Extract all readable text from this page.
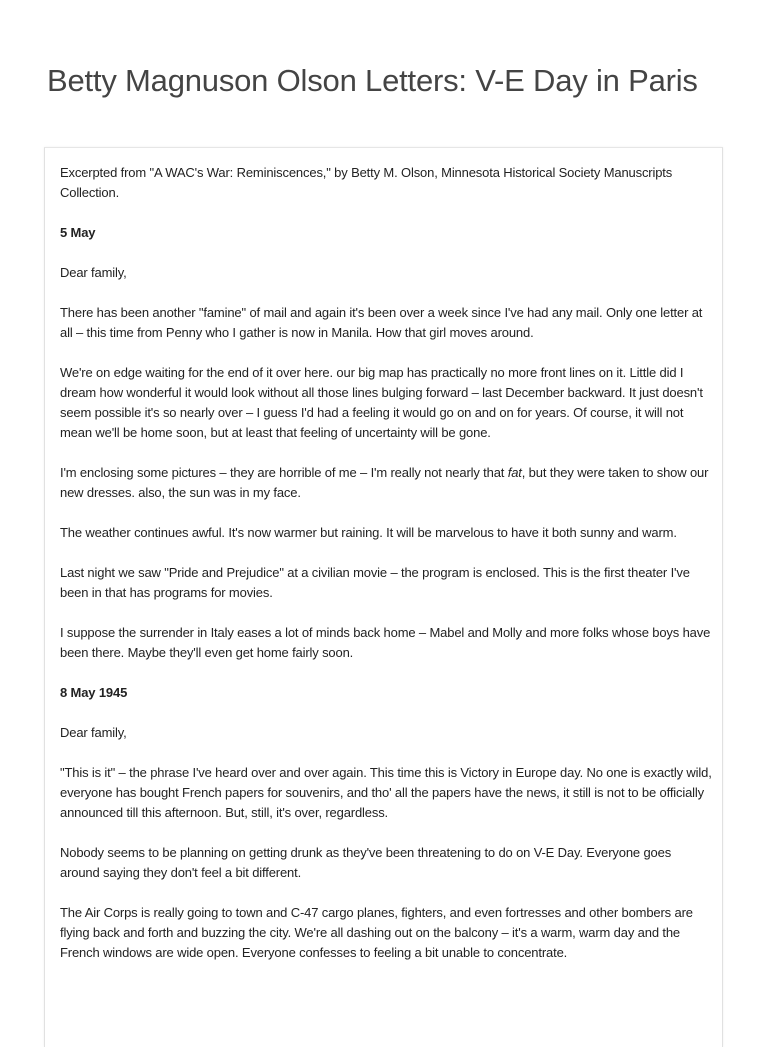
Betty Magnuson Olson Letters: V-E Day in Paris

Excerpted from "A WAC's War: Reminiscences," by Betty M. Olson, Minnesota Historical Society Manuscripts Collection.

5 May

Dear family,

There has been another "famine" of mail and again it's been over a week since I've had any mail. Only one letter at all – this time from Penny who I gather is now in Manila. How that girl moves around.

We're on edge waiting for the end of it over here. our big map has practically no more front lines on it. Little did I dream how wonderful it would look without all those lines bulging forward – last December backward. It just doesn't seem possible it's so nearly over – I guess I'd had a feeling it would go on and on for years. Of course, it will not mean we'll be home soon, but at least that feeling of uncertainty will be gone.

I'm enclosing some pictures – they are horrible of me – I'm really not nearly that fat, but they were taken to show our new dresses. also, the sun was in my face.

The weather continues awful. It's now warmer but raining. It will be marvelous to have it both sunny and warm.

Last night we saw "Pride and Prejudice" at a civilian movie – the program is enclosed. This is the first theater I've been in that has programs for movies.

I suppose the surrender in Italy eases a lot of minds back home – Mabel and Molly and more folks whose boys have been there. Maybe they'll even get home fairly soon.

8 May 1945

Dear family,

"This is it" – the phrase I've heard over and over again. This time this is Victory in Europe day. No one is exactly wild, everyone has bought French papers for souvenirs, and tho' all the papers have the news, it still is not to be officially announced till this afternoon. But, still, it's over, regardless.

Nobody seems to be planning on getting drunk as they've been threatening to do on V-E Day. Everyone goes around saying they don't feel a bit different.

The Air Corps is really going to town and C-47 cargo planes, fighters, and even fortresses and other bombers are flying back and forth and buzzing the city. We're all dashing out on the balcony – it's a warm, warm day and the French windows are wide open. Everyone confesses to feeling a bit unable to concentrate.
